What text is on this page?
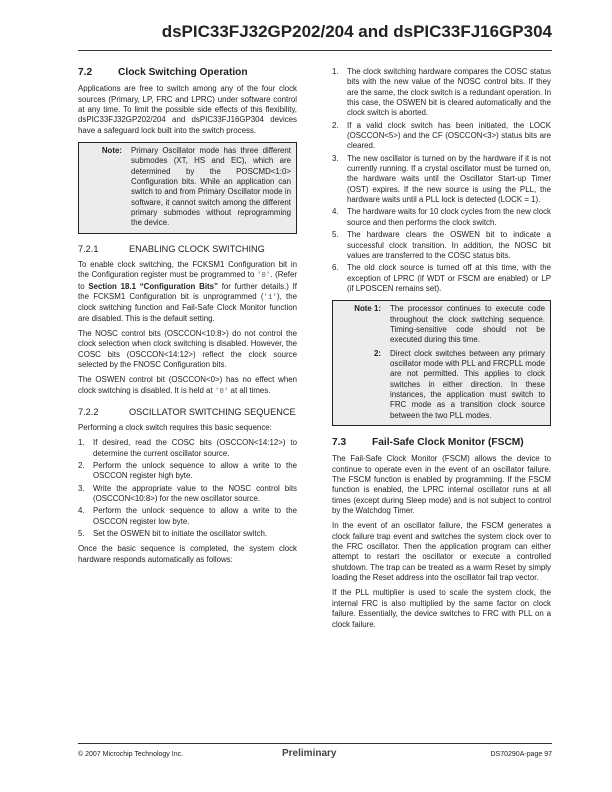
dsPIC33FJ32GP202/204 and dsPIC33FJ16GP304
7.2	Clock Switching Operation

Applications are free to switch among any of the four clock sources (Primary, LP, FRC and LPRC) under software control at any time. To limit the possible side effects of this flexibility, dsPIC33FJ32GP202/204 and dsPIC33FJ16GP304 devices have a safeguard lock built into the switch process.

Note:	Primary Oscillator mode has three different submodes (XT, HS and EC), which are determined by the POSCMD<1:0> Configuration bits. While an application can switch to and from Primary Oscillator mode in software, it cannot switch among the different primary submodes without reprogramming the device.
7.2.1	ENABLING CLOCK SWITCHING

To enable clock switching, the FCKSM1 Configuration bit in the Configuration register must be programmed to '0'. (Refer to Section 18.1 “Configuration Bits” for further details.) If the FCKSM1 Configuration bit is unprogrammed ('1'), the clock switching function and Fail-Safe Clock Monitor function are disabled. This is the default setting.

The NOSC control bits (OSCCON<10:8>) do not control the clock selection when clock switching is disabled. However, the COSC bits (OSCCON<14:12>) reflect the clock source selected by the FNOSC Configuration bits.

The OSWEN control bit (OSCCON<0>) has no effect when clock switching is disabled. It is held at '0' at all times.

7.2.2	OSCILLATOR SWITCHING SEQUENCE

Performing a clock switch requires this basic sequence:

1.	If desired, read the COSC bits (OSCCON<14:12>) to determine the current oscillator source.
2.	Perform the unlock sequence to allow a write to the OSCCON register high byte.
3.	Write the appropriate value to the NOSC control bits (OSCCON<10:8>) for the new oscillator source.
4.	Perform the unlock sequence to allow a write to the OSCCON register low byte.
5.	Set the OSWEN bit to initiate the oscillator switch.

Once the basic sequence is completed, the system clock hardware responds automatically as follows:

1.	The clock switching hardware compares the COSC status bits with the new value of the NOSC control bits. If they are the same, the clock switch is a redundant operation. In this case, the OSWEN bit is cleared automatically and the clock switch is aborted.
2.	If a valid clock switch has been initiated, the LOCK (OSCCON<5>) and the CF (OSCCON<3>) status bits are cleared.
3.	The new oscillator is turned on by the hardware if it is not currently running. If a crystal oscillator must be turned on, the hardware waits until the Oscillator Start-up Timer (OST) expires. If the new source is using the PLL, the hardware waits until a PLL lock is detected (LOCK = 1).
4.	The hardware waits for 10 clock cycles from the new clock source and then performs the clock switch.
5.	The hardware clears the OSWEN bit to indicate a successful clock transition. In addition, the NOSC bit values are transferred to the COSC status bits.
6.	The old clock source is turned off at this time, with the exception of LPRC (if WDT or FSCM are enabled) or LP (if LPOSCEN remains set).
Note 1:	The processor continues to execute code throughout the clock switching sequence. Timing-sensitive code should not be executed during this time.
2:	Direct clock switches between any primary oscillator mode with PLL and FRCPLL mode are not permitted. This applies to clock switches in either direction. In these instances, the application must switch to FRC mode as a transition clock source between the two PLL modes.
7.3	Fail-Safe Clock Monitor (FSCM)

The Fail-Safe Clock Monitor (FSCM) allows the device to continue to operate even in the event of an oscillator failure. The FSCM function is enabled by programming. If the FSCM function is enabled, the LPRC internal oscillator runs at all times (except during Sleep mode) and is not subject to control by the Watchdog Timer.

In the event of an oscillator failure, the FSCM generates a clock failure trap event and switches the system clock over to the FRC oscillator. Then the application program can either attempt to restart the oscillator or execute a controlled shutdown. The trap can be treated as a warm Reset by simply loading the Reset address into the oscillator fail trap vector.

If the PLL multiplier is used to scale the system clock, the internal FRC is also multiplied by the same factor on clock failure. Essentially, the device switches to FRC with PLL on a clock failure.

© 2007 Microchip Technology Inc.	Preliminary	DS70290A-page 97
